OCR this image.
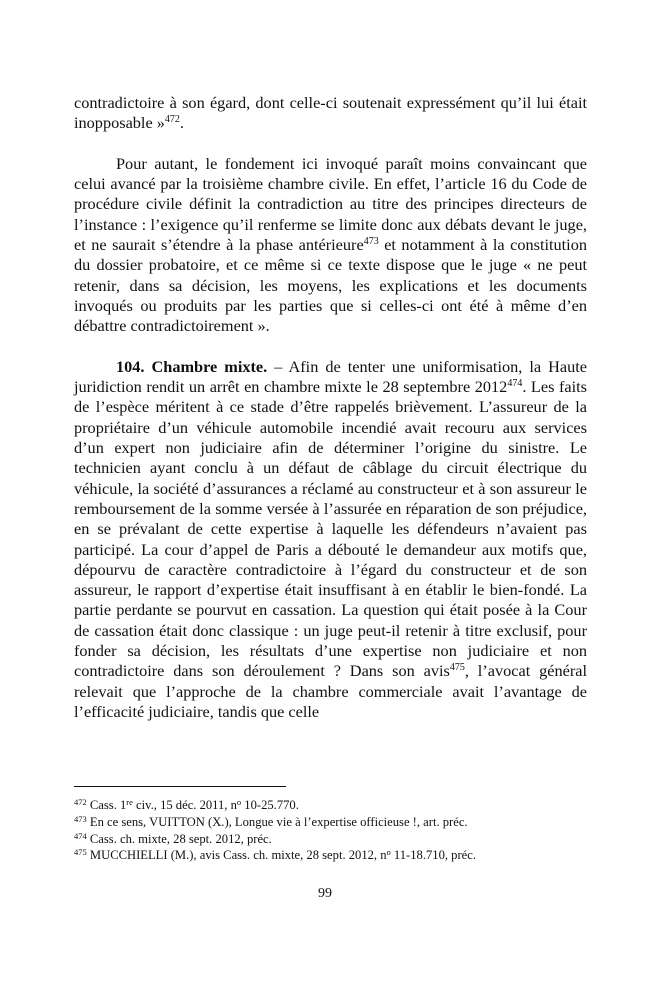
contradictoire à son égard, dont celle-ci soutenait expressément qu’il lui était inopposable »$^{472}$.

Pour autant, le fondement ici invoqué paraît moins convaincant que celui avancé par la troisième chambre civile. En effet, l’article 16 du Code de procédure civile définit la contradiction au titre des principes directeurs de l’instance : l’exigence qu’il renferme se limite donc aux débats devant le juge, et ne saurait s’étendre à la phase antérieure$^{473}$ et notamment à la constitution du dossier probatoire, et ce même si ce texte dispose que le juge « ne peut retenir, dans sa décision, les moyens, les explications et les documents invoqués ou produits par les parties que si celles-ci ont été à même d’en débattre contradictoirement ».

104. Chambre mixte. – Afin de tenter une uniformisation, la Haute juridiction rendit un arrêt en chambre mixte le 28 septembre 2012$^{474}$. Les faits de l’espèce méritent à ce stade d’être rappelés brièvement. L’assureur de la propriétaire d’un véhicule automobile incendié avait recouru aux services d’un expert non judiciaire afin de déterminer l’origine du sinistre. Le technicien ayant conclu à un défaut de câblage du circuit électrique du véhicule, la société d’assurances a réclamé au constructeur et à son assureur le remboursement de la somme versée à l’assurée en réparation de son préjudice, en se prévalant de cette expertise à laquelle les défendeurs n’avaient pas participé. La cour d’appel de Paris a débouté le demandeur aux motifs que, dépourvu de caractère contradictoire à l’égard du constructeur et de son assureur, le rapport d’expertise était insuffisant à en établir le bien-fondé. La partie perdante se pourvut en cassation. La question qui était posée à la Cour de cassation était donc classique : un juge peut-il retenir à titre exclusif, pour fonder sa décision, les résultats d’une expertise non judiciaire et non contradictoire dans son déroulement ? Dans son avis$^{475}$, l’avocat général relevait que l’approche de la chambre commerciale avait l’avantage de l’efficacité judiciaire, tandis que celle

$^{472}$ Cass. 1re civ., 15 déc. 2011, $n^o$ 10-25.770.
$^{473}$ En ce sens, VUITTON (X.), Longue vie à l’expertise officieuse !, art. préc.
$^{474}$ Cass. ch. mixte, 28 sept. 2012, préc.
$^{475}$ MUCCHIELLI (M.), avis Cass. ch. mixte, 28 sept. 2012, $n^o$ 11-18.710, préc.
99
